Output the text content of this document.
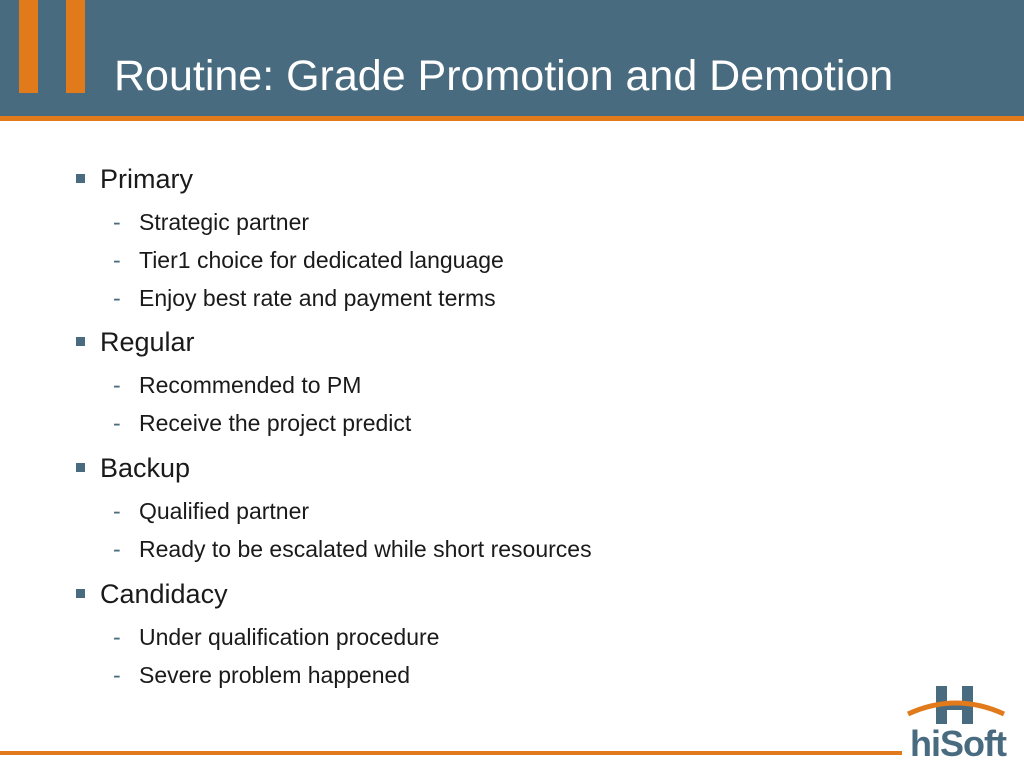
Routine: Grade Promotion and Demotion
Primary
- Strategic partner
- Tier1 choice for dedicated language
- Enjoy best rate and payment terms
Regular
- Recommended to PM
- Receive the project predict
Backup
- Qualified partner
- Ready to be escalated while short resources
Candidacy
- Under qualification procedure
- Severe problem happened
hiSoft
